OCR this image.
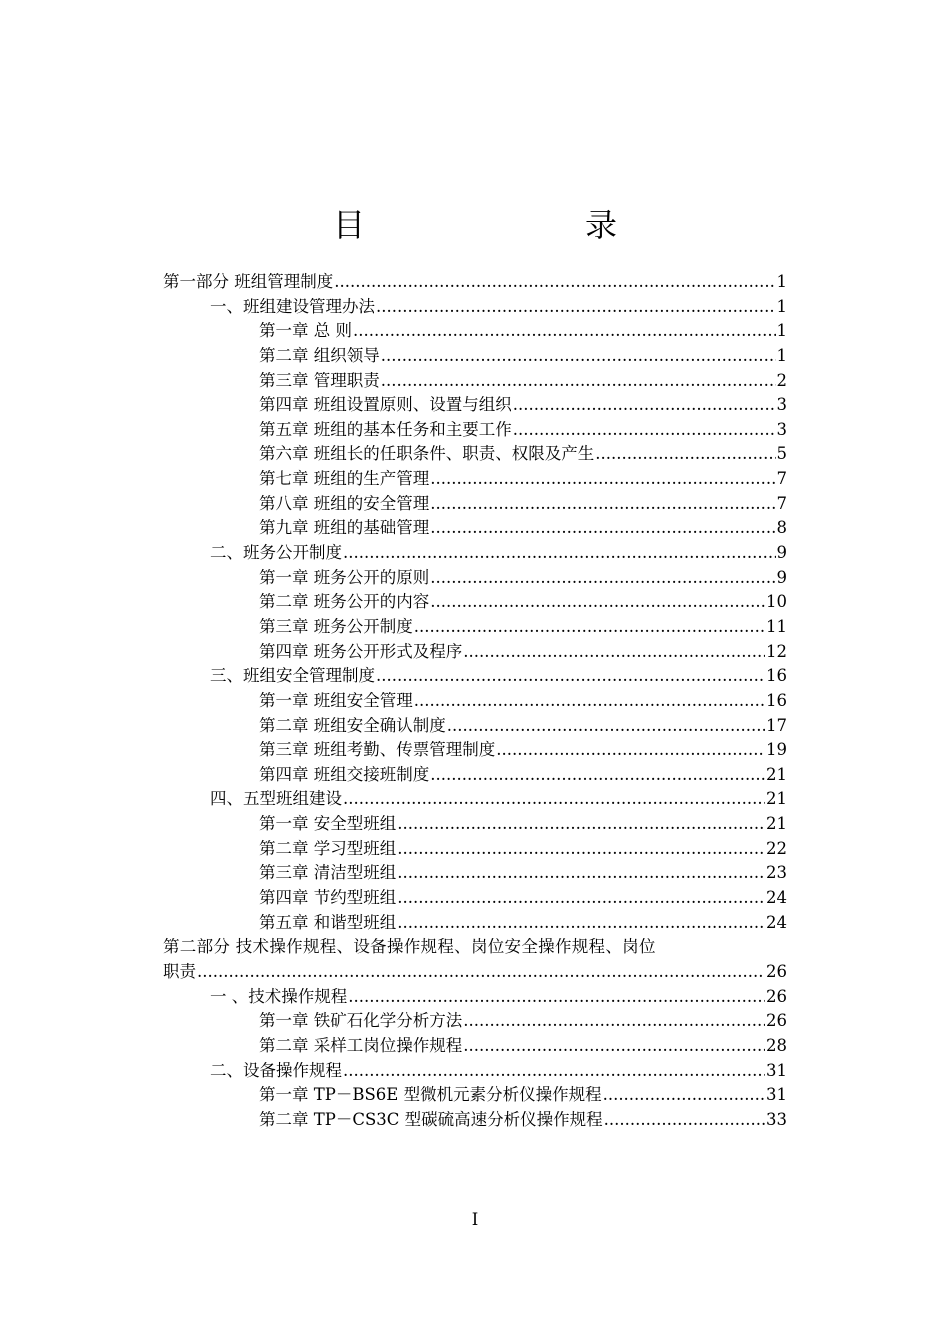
目　　录
第一部分 班组管理制度 .....	1
一、班组建设管理办法 .....	1
第一章 总 则 .....	1
第二章 组织领导 .....	1
第三章 管理职责 .....	2
第四章 班组设置原则、设置与组织 .....	3
第五章 班组的基本任务和主要工作 .....	3
第六章 班组长的任职条件、职责、权限及产生 .....	5
第七章 班组的生产管理 .....	7
第八章 班组的安全管理 .....	7
第九章 班组的基础管理 .....	8
二、班务公开制度 .....	9
第一章 班务公开的原则 .....	9
第二章 班务公开的内容 .....	10
第三章 班务公开制度 .....	11
第四章 班务公开形式及程序 .....	12
三、班组安全管理制度 .....	16
第一章 班组安全管理 .....	16
第二章 班组安全确认制度 .....	17
第三章 班组考勤、传票管理制度 .....	19
第四章 班组交接班制度 .....	21
四、五型班组建设 .....	21
第一章 安全型班组 .....	21
第二章 学习型班组 .....	22
第三章 清洁型班组 .....	23
第四章 节约型班组 .....	24
第五章 和谐型班组 .....	24
第二部分 技术操作规程、设备操作规程、岗位安全操作规程、岗位
职责 .....	26
一 、技术操作规程 .....	26
第一章 铁矿石化学分析方法 .....	26
第二章 采样工岗位操作规程 .....	28
二、设备操作规程 .....	31
第一章 TP－BS6E 型微机元素分析仪操作规程 .....	31
第二章 TP－CS3C 型碳硫高速分析仪操作规程 .....	33
I
